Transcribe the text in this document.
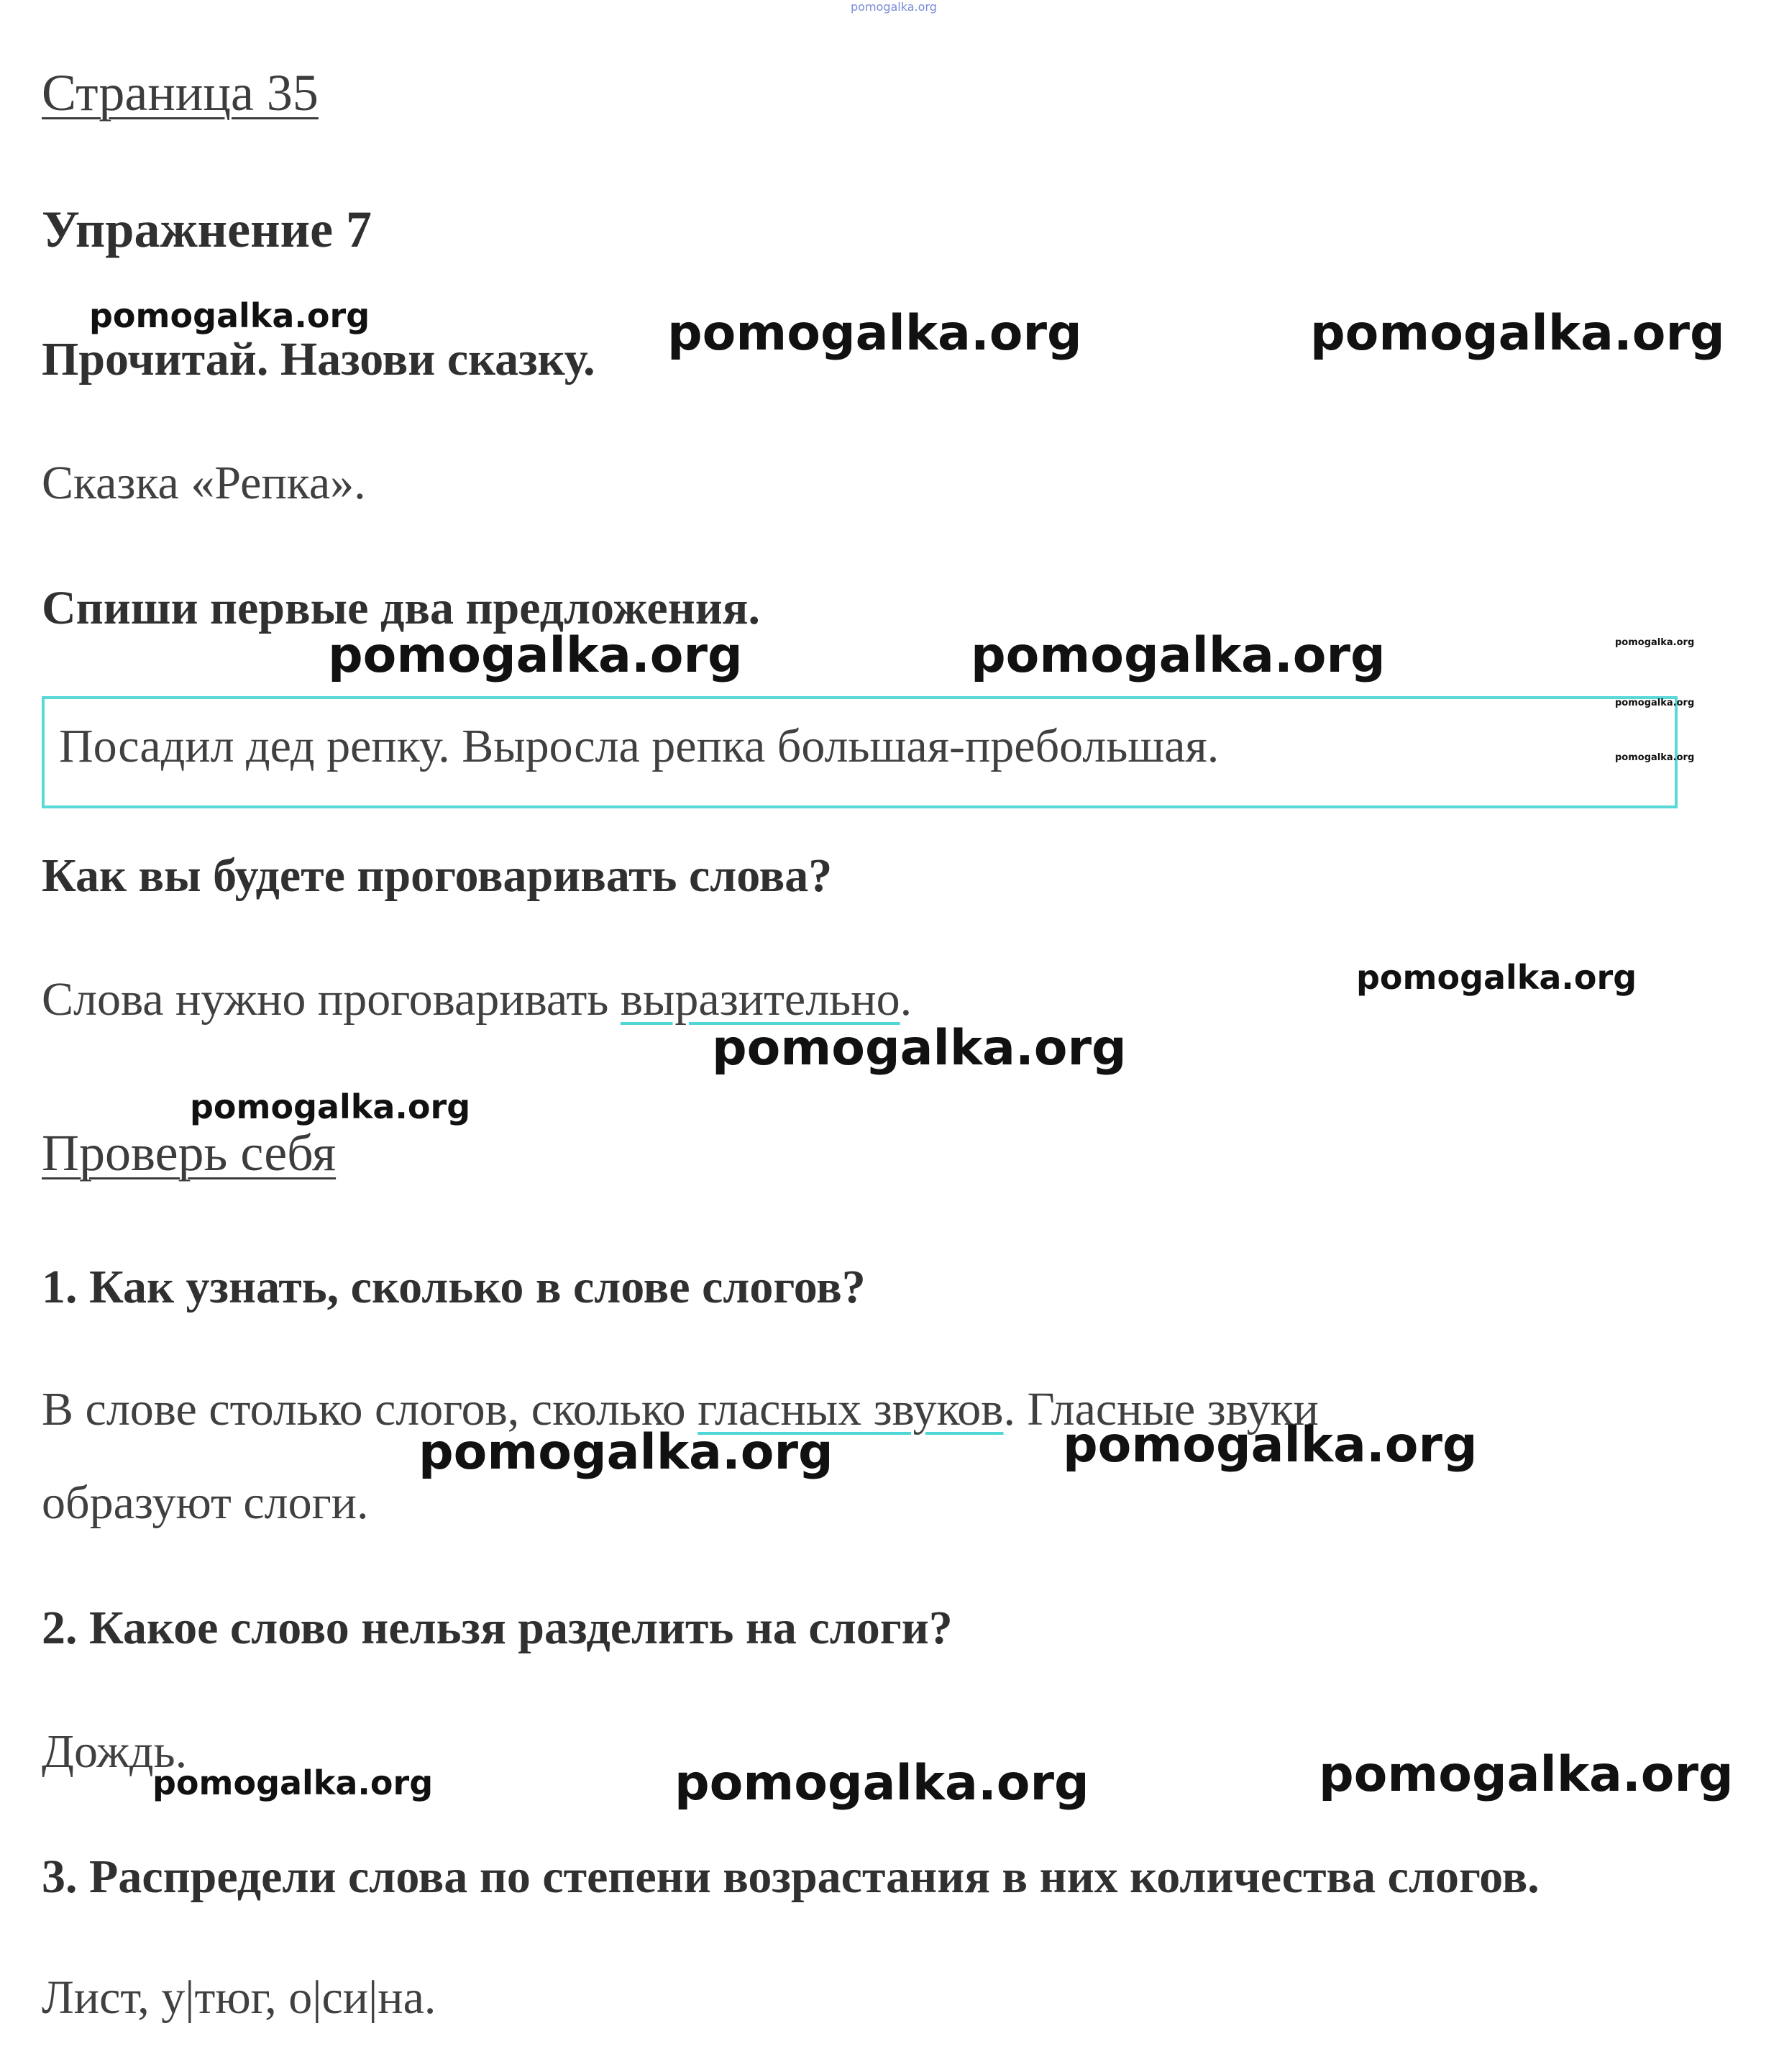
pomogalka.org
Страница 35
Упражнение 7
Прочитай. Назови сказку.
Сказка «Репка».
Спиши первые два предложения.
Посадил дед репку. Выросла репка большая-пребольшая.
Как вы будете проговаривать слова?
Слова нужно проговаривать выразительно.
Проверь себя
1. Как узнать, сколько в слове слогов?
В слове столько слогов, сколько гласных звуков. Гласные звуки
образуют слоги.
2. Какое слово нельзя разделить на слоги?
Дождь.
3. Распредели слова по степени возрастания в них количества слогов.
Лист, у|тюг, о|си|на.
pomogalka.org	pomogalka.org	pomogalka.org
pomogalka.org	pomogalka.org	pomogalka.org
pomogalka.org
pomogalka.org
pomogalka.org
pomogalka.org
pomogalka.org
pomogalka.org	pomogalka.org
pomogalka.org	pomogalka.org	pomogalka.org
